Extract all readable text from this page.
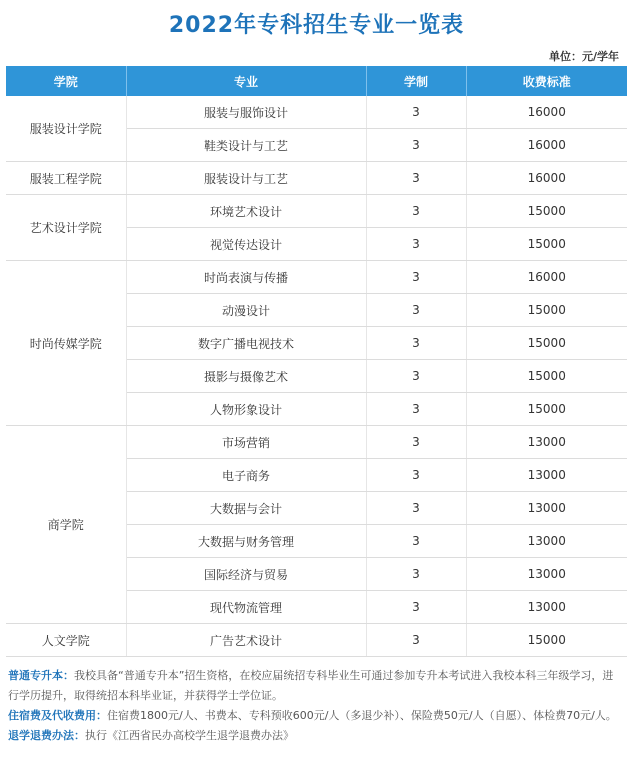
2022年专科招生专业一览表
单位：元/学年
学院	专业	学制	收费标准
服装设计学院	服装与服饰设计	3	16000
	鞋类设计与工艺	3	16000
服装工程学院	服装设计与工艺	3	16000
艺术设计学院	环境艺术设计	3	15000
	视觉传达设计	3	15000
时尚传媒学院	时尚表演与传播	3	16000
	动漫设计	3	15000
	数字广播电视技术	3	15000
	摄影与摄像艺术	3	15000
	人物形象设计	3	15000
商学院	市场营销	3	13000
	电子商务	3	13000
	大数据与会计	3	13000
	大数据与财务管理	3	13000
	国际经济与贸易	3	13000
	现代物流管理	3	13000
人文学院	广告艺术设计	3	15000

普通专升本：我校具备“普通专升本”招生资格，在校应届统招专科毕业生可通过参加专升本考试进入我校本科三年级学习，进行学历提升，取得统招本科毕业证，并获得学士学位证。

住宿费及代收费用：住宿费1800元/人、书费本、专科预收600元/人（多退少补）、保险费50元/人（自愿）、体检费70元/人。

退学退费办法：执行《江西省民办高校学生退学退费办法》
